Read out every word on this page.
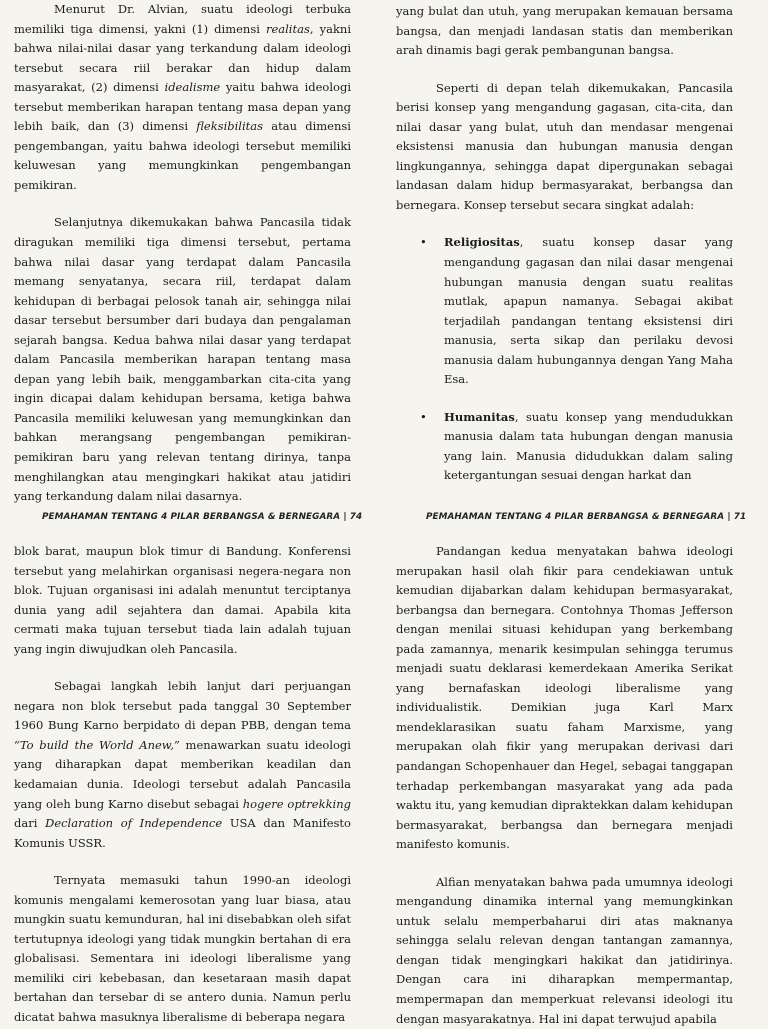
Menurut Dr. Alvian, suatu ideologi terbuka memiliki tiga dimensi, yakni (1) dimensi realitas, yakni bahwa nilai-nilai dasar yang terkandung dalam ideologi tersebut secara riil berakar dan hidup dalam masyarakat, (2) dimensi idealisme yaitu bahwa ideologi tersebut memberikan harapan tentang masa depan yang lebih baik, dan (3) dimensi fleksibilitas atau dimensi pengembangan, yaitu bahwa ideologi tersebut memiliki keluwesan yang memungkinkan pengembangan pemikiran.

Selanjutnya dikemukakan bahwa Pancasila tidak diragukan memiliki tiga dimensi tersebut, pertama bahwa nilai dasar yang terdapat dalam Pancasila memang senyatanya, secara riil, terdapat dalam kehidupan di berbagai pelosok tanah air, sehingga nilai dasar tersebut bersumber dari budaya dan pengalaman sejarah bangsa. Kedua bahwa nilai dasar yang terdapat dalam Pancasila memberikan harapan tentang masa depan yang lebih baik, menggambarkan cita-cita yang ingin dicapai dalam kehidupan bersama, ketiga bahwa Pancasila memiliki keluwesan yang memungkinkan dan bahkan merangsang pengembangan pemikiran-pemikiran baru yang relevan tentang dirinya, tanpa menghilangkan atau mengingkari hakikat atau jatidiri yang terkandung dalam nilai dasarnya.

PEMAHAMAN TENTANG 4 PILAR BERBANGSA & BERNEGARA | 74

yang bulat dan utuh, yang merupakan kemauan bersama bangsa, dan menjadi landasan statis dan memberikan arah dinamis bagi gerak pembangunan bangsa.

Seperti di depan telah dikemukakan, Pancasila berisi konsep yang mengandung gagasan, cita-cita, dan nilai dasar yang bulat, utuh dan mendasar mengenai eksistensi manusia dan hubungan manusia dengan lingkungannya, sehingga dapat dipergunakan sebagai landasan dalam hidup bermasyarakat, berbangsa dan bernegara. Konsep tersebut secara singkat adalah:

• Religiositas, suatu konsep dasar yang mengandung gagasan dan nilai dasar mengenai hubungan manusia dengan suatu realitas mutlak, apapun namanya. Sebagai akibat terjadilah pandangan tentang eksistensi diri manusia, serta sikap dan perilaku devosi manusia dalam hubungannya dengan Yang Maha Esa.
• Humanitas, suatu konsep yang mendudukkan manusia dalam tata hubungan dengan manusia yang lain. Manusia didudukkan dalam saling ketergantungan sesuai dengan harkat dan
PEMAHAMAN TENTANG 4 PILAR BERBANGSA & BERNEGARA | 71

blok barat, maupun blok timur di Bandung. Konferensi tersebut yang melahirkan organisasi negera-negara non blok. Tujuan organisasi ini adalah menuntut terciptanya dunia yang adil sejahtera dan damai. Apabila kita cermati maka tujuan tersebut tiada lain adalah tujuan yang ingin diwujudkan oleh Pancasila.

Sebagai langkah lebih lanjut dari perjuangan negara non blok tersebut pada tanggal 30 September 1960 Bung Karno berpidato di depan PBB, dengan tema “To build the World Anew,” menawarkan suatu ideologi yang diharapkan dapat memberikan keadilan dan kedamaian dunia. Ideologi tersebut adalah Pancasila yang oleh bung Karno disebut sebagai hogere optrekking dari Declaration of Independence USA dan Manifesto Komunis USSR.

Ternyata memasuki tahun 1990-an ideologi komunis mengalami kemerosotan yang luar biasa, atau mungkin suatu kemunduran, hal ini disebabkan oleh sifat tertutupnya ideologi yang tidak mungkin bertahan di era globalisasi. Sementara ini ideologi liberalisme yang memiliki ciri kebebasan, dan kesetaraan masih dapat bertahan dan tersebar di se antero dunia. Namun perlu dicatat bahwa masuknya liberalisme di beberapa negara

Pandangan kedua menyatakan bahwa ideologi merupakan hasil olah fikir para cendekiawan untuk kemudian dijabarkan dalam kehidupan bermasyarakat, berbangsa dan bernegara. Contohnya Thomas Jefferson dengan menilai situasi kehidupan yang berkembang pada zamannya, menarik kesimpulan sehingga terumus menjadi suatu deklarasi kemerdekaan Amerika Serikat yang bernafaskan ideologi liberalisme yang individualistik. Demikian juga Karl Marx mendeklarasikan suatu faham Marxisme, yang merupakan olah fikir yang merupakan derivasi dari pandangan Schopenhauer dan Hegel, sebagai tanggapan terhadap perkembangan masyarakat yang ada pada waktu itu, yang kemudian dipraktekkan dalam kehidupan bermasyarakat, berbangsa dan bernegara menjadi manifesto komunis.

Alfian menyatakan bahwa pada umumnya ideologi mengandung dinamika internal yang memungkinkan untuk selalu memperbaharui diri atas maknanya sehingga selalu relevan dengan tantangan zamannya, dengan tidak mengingkari hakikat dan jatidirinya. Dengan cara ini diharapkan mempermantap, mempermapan dan memperkuat relevansi ideologi itu dengan masyarakatnya. Hal ini dapat terwujud apabila
